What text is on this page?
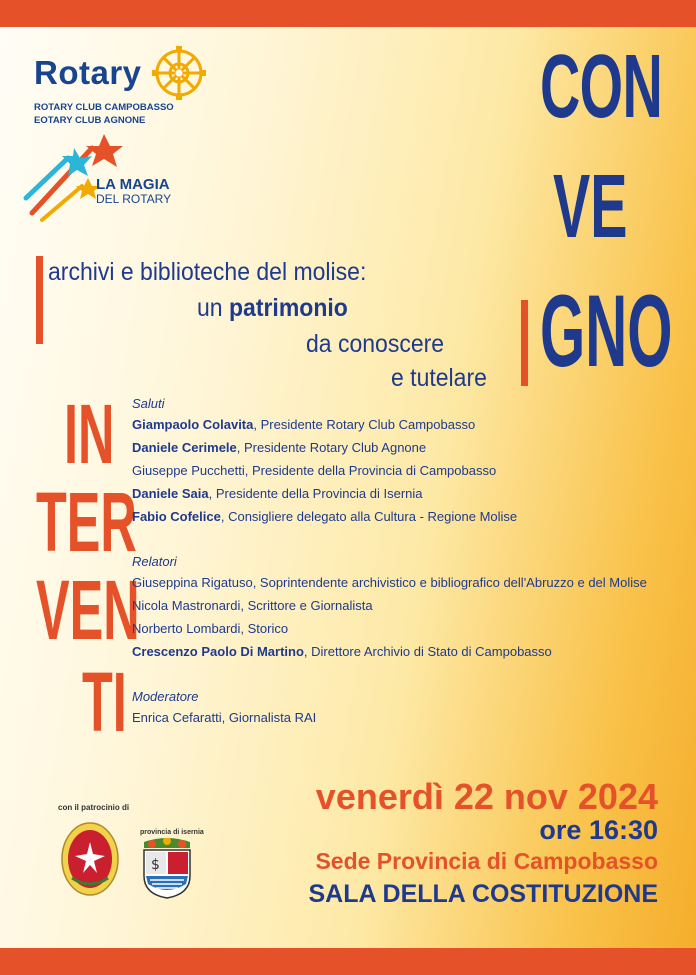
Rotary
ROTARY CLUB CAMPOBASSO
EOTARY CLUB AGNONE
LA MAGIA
DEL ROTARY
CON
VE
GNO
archivi e biblioteche del molise:
un patrimonio
da conoscere
e tutelare
IN
TER
VEN
TI
Saluti
Giampaolo Colavita, Presidente Rotary Club Campobasso
Daniele Cerimele, Presidente Rotary Club Agnone
Giuseppe Pucchetti, Presidente della Provincia di Campobasso
Daniele Saia, Presidente della Provincia di Isernia
Fabio Cofelice, Consigliere delegato alla Cultura - Regione Molise
Relatori
Giuseppina Rigatuso, Soprintendente archivistico e bibliografico dell'Abruzzo e del Molise
Nicola Mastronardi, Scrittore e Giornalista
Norberto Lombardi, Storico
Crescenzo Paolo Di Martino, Direttore Archivio di Stato di Campobasso
Moderatore
Enrica Cefaratti, Giornalista RAI
venerdì 22 nov 2024
ore 16:30
Sede Provincia di Campobasso
SALA DELLA COSTITUZIONE
con il patrocinio di
provincia di isernia
$
